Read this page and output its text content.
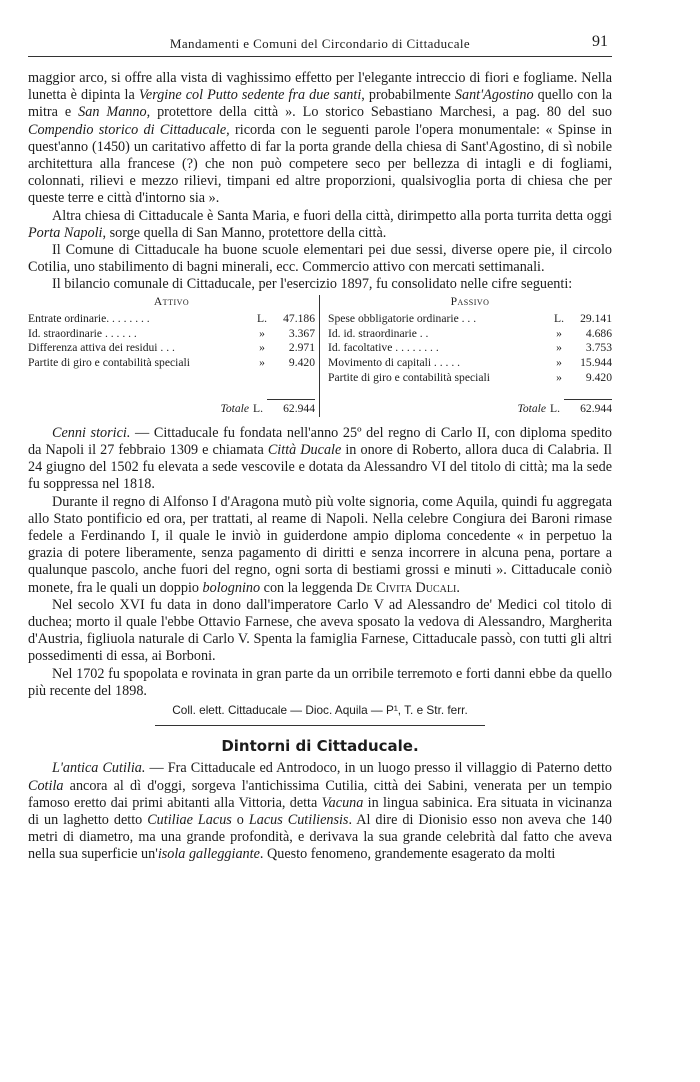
Mandamenti e Comuni del Circondario di Cittaducale	91

maggior arco, si offre alla vista di vaghissimo effetto per l'elegante intreccio di fiori e fogliame. Nella lunetta è dipinta la Vergine col Putto sedente fra due santi, probabilmente Sant'Agostino quello con la mitra e San Manno, protettore della città ». Lo storico Sebastiano Marchesi, a pag. 80 del suo Compendio storico di Cittaducale, ricorda con le seguenti parole l'opera monumentale: « Spinse in quest'anno (1450) un caritativo affetto di far la porta grande della chiesa di Sant'Agostino, di sì nobile architettura alla francese (?) che non può competere seco per bellezza di intagli e di fogliami, colonnati, rilievi e mezzo rilievi, timpani ed altre proporzioni, qualsivoglia porta di chiesa che per queste terre e città d'intorno sia ».

Altra chiesa di Cittaducale è Santa Maria, e fuori della città, dirimpetto alla porta turrita detta oggi Porta Napoli, sorge quella di San Manno, protettore della città.

Il Comune di Cittaducale ha buone scuole elementari pei due sessi, diverse opere pie, il circolo Cotilia, uno stabilimento di bagni minerali, ecc. Commercio attivo con mercati settimanali.

Il bilancio comunale di Cittaducale, per l'esercizio 1897, fu consolidato nelle cifre seguenti:

Attivo
Entrate ordinarie. . . . . . . .	L.	47.186
Id. straordinarie . . . . . .	»	3.367
Differenza attiva dei residui . . .	»	2.971
Partite di giro e contabilità speciali	»	9.420
Totale L.	62.944
Passivo
Spese obbligatorie ordinarie . . .	L.	29.141
Id. id. straordinarie . .	»	4.686
Id. facoltative . . . . . . . .	»	3.753
Movimento di capitali . . . . .	»	15.944
Partite di giro e contabilità speciali	»	9.420
Totale L.	62.944

Cenni storici. — Cittaducale fu fondata nell'anno 25º del regno di Carlo II, con diploma spedito da Napoli il 27 febbraio 1309 e chiamata Città Ducale in onore di Roberto, allora duca di Calabria. Il 24 giugno del 1502 fu elevata a sede vescovile e dotata da Alessandro VI del titolo di città; ma la sede fu soppressa nel 1818.

Durante il regno di Alfonso I d'Aragona mutò più volte signoria, come Aquila, quindi fu aggregata allo Stato pontificio ed ora, per trattati, al reame di Napoli. Nella celebre Congiura dei Baroni rimase fedele a Ferdinando I, il quale le inviò in guiderdone ampio diploma concedente « in perpetuo la grazia di potere liberamente, senza pagamento di diritti e senza incorrere in alcuna pena, portare a qualunque pascolo, anche fuori del regno, ogni sorta di bestiami grossi e minuti ». Cittaducale coniò monete, fra le quali un doppio bolognino con la leggenda De Civita Ducali.

Nel secolo XVI fu data in dono dall'imperatore Carlo V ad Alessandro de' Medici col titolo di duchea; morto il quale l'ebbe Ottavio Farnese, che aveva sposato la vedova di Alessandro, Margherita d'Austria, figliuola naturale di Carlo V. Spenta la famiglia Farnese, Cittaducale passò, con tutti gli altri possedimenti di essa, ai Borboni.

Nel 1702 fu spopolata e rovinata in gran parte da un orribile terremoto e forti danni ebbe da quello più recente del 1898.

Coll. elett. Cittaducale — Dioc. Aquila — P¹, T. e Str. ferr.
Dintorni di Cittaducale.

L'antica Cutilia. — Fra Cittaducale ed Antrodoco, in un luogo presso il villaggio di Paterno detto Cotila ancora al dì d'oggi, sorgeva l'antichissima Cutilia, città dei Sabini, venerata per un tempio famoso eretto dai primi abitanti alla Vittoria, detta Vacuna in lingua sabinica. Era situata in vicinanza di un laghetto detto Cutiliae Lacus o Lacus Cutiliensis. Al dire di Dionisio esso non aveva che 140 metri di diametro, ma una grande profondità, e derivava la sua grande celebrità dal fatto che aveva nella sua superficie un'isola galleggiante. Questo fenomeno, grandemente esagerato da molti
